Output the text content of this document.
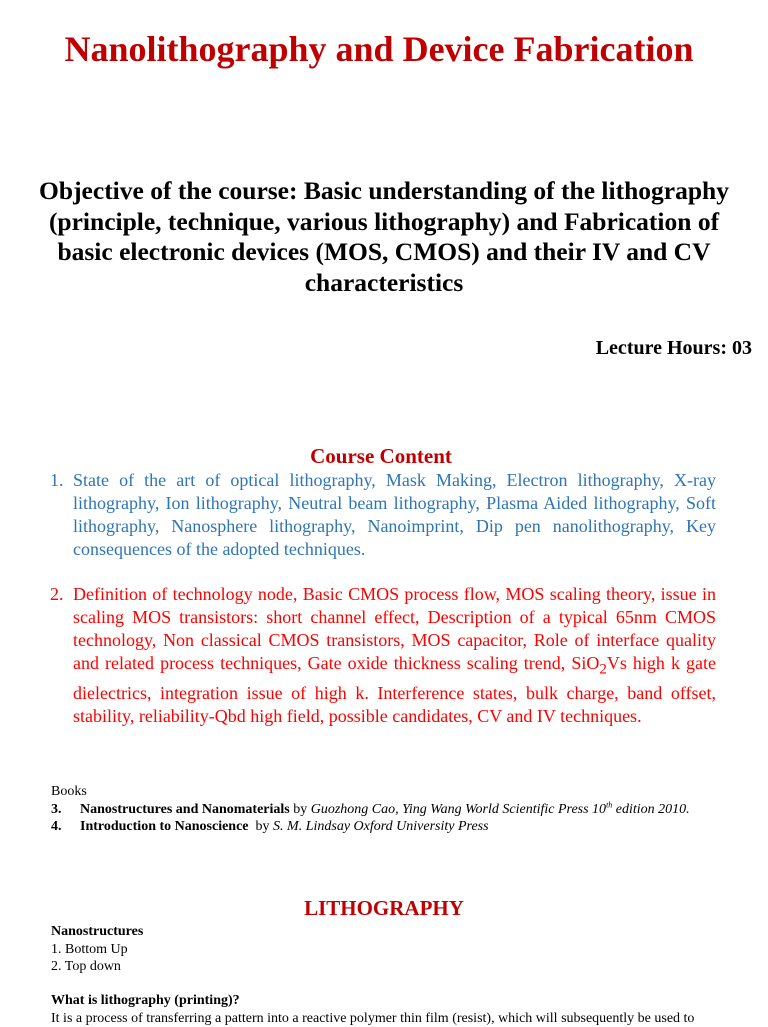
Nanolithography and Device Fabrication

Objective of the course: Basic understanding of the lithography (principle, technique, various lithography) and Fabrication of basic electronic devices (MOS, CMOS) and their IV and CV characteristics

Lecture Hours: 03
Course Content
1. State of the art of optical lithography, Mask Making, Electron lithography, X-ray lithography, Ion lithography, Neutral beam lithography, Plasma Aided lithography, Soft lithography, Nanosphere lithography, Nanoimprint, Dip pen nanolithography, Key consequences of the adopted techniques.
2. Definition of technology node, Basic CMOS process flow, MOS scaling theory, issue in scaling MOS transistors: short channel effect, Description of a typical 65nm CMOS technology, Non classical CMOS transistors, MOS capacitor, Role of interface quality and related process techniques, Gate oxide thickness scaling trend, SiO$_2$Vs high k gate dielectrics, integration issue of high k. Interference states, bulk charge, band offset, stability, reliability-Qbd high field, possible candidates, CV and IV techniques.
Books
3. Nanostructures and Nanomaterials by Guozhong Cao, Ying Wang World Scientific Press 10th edition 2010.
4. Introduction to Nanoscience  by S. M. Lindsay Oxford University Press
LITHOGRAPHY
Nanostructures
1. Bottom Up
2. Top down
What is lithography (printing)?
It is a process of transferring a pattern into a reactive polymer thin film (resist), which will subsequently be used to
